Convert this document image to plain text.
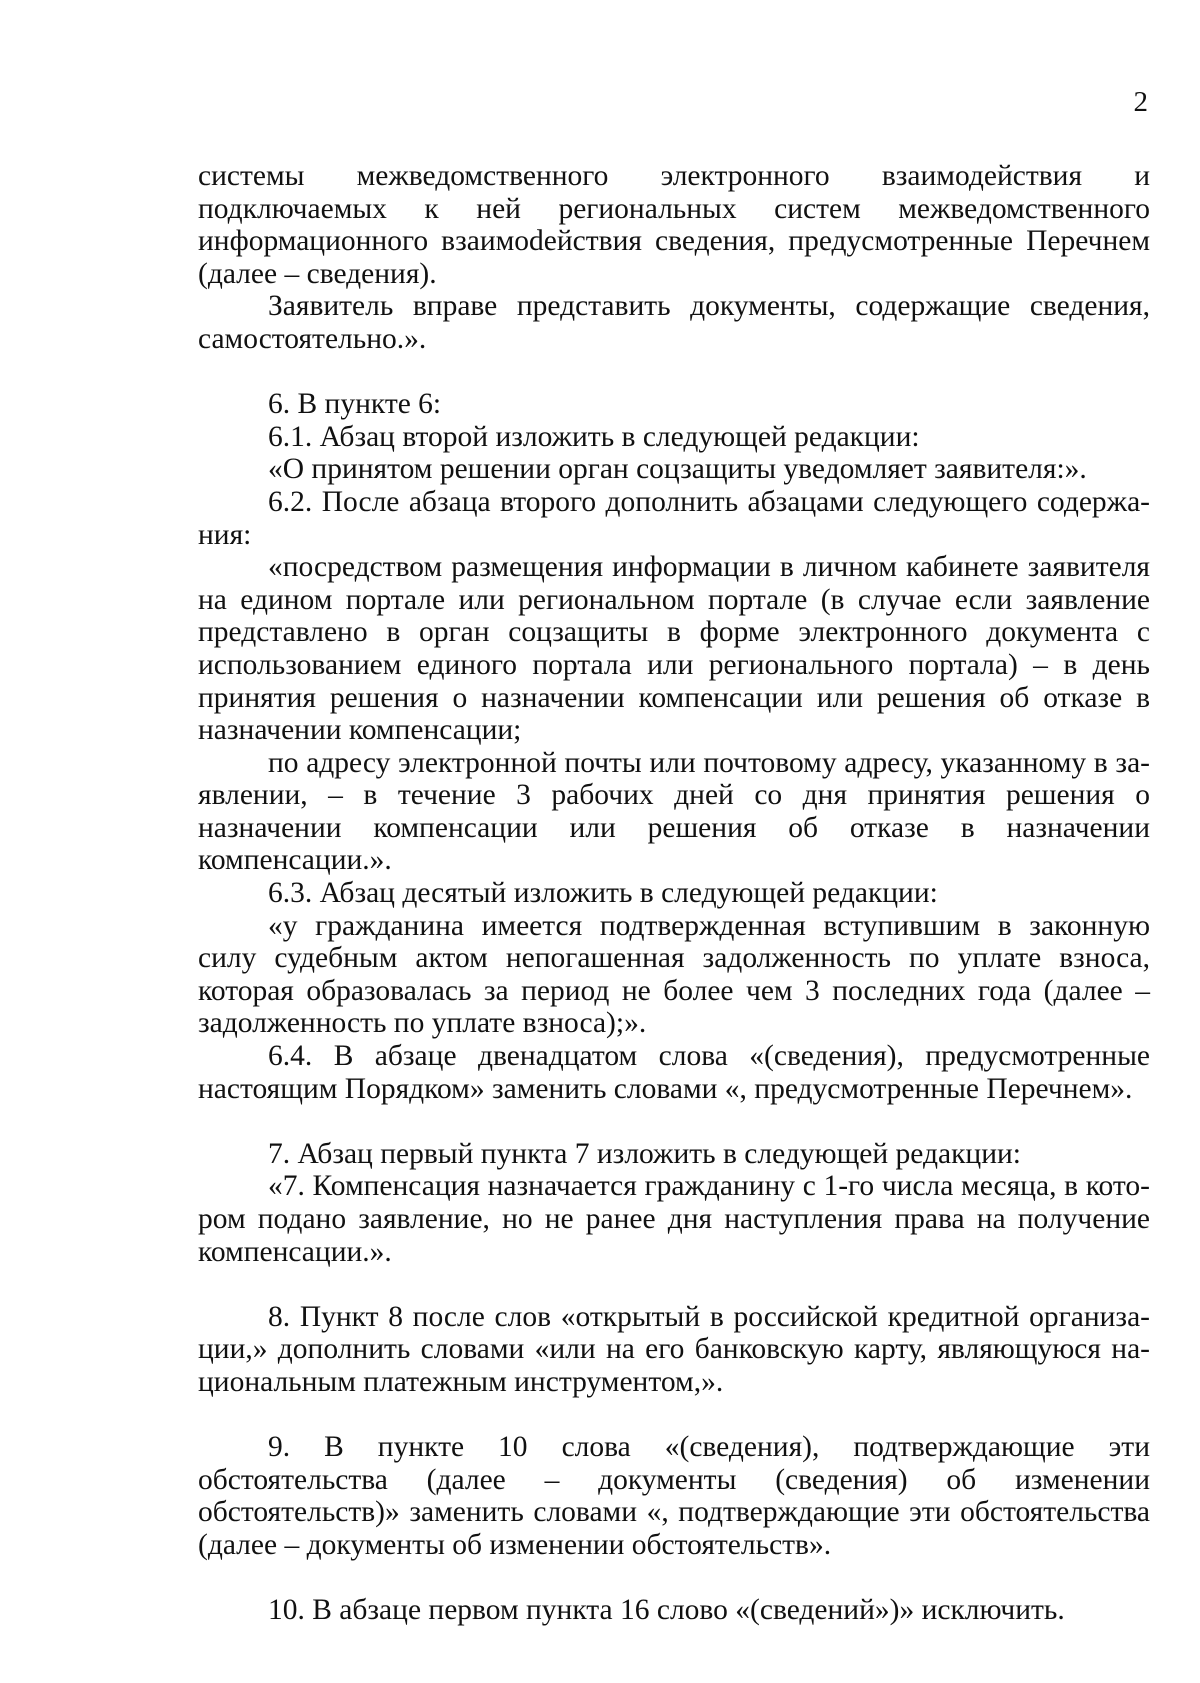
2

системы межведомственного электронного взаимодействия и подключаемых к ней региональных систем межведомственного информационного взаимоdействия сведения, предусмотренные Перечнем (далее – сведения).

Заявитель вправе представить документы, содержащие сведения, самостоятельно.».

6. В пункте 6:

6.1. Абзац второй изложить в следующей редакции:

«О принятом решении орган соцзащиты уведомляет заявителя:».

6.2. После абзаца второго дополнить абзацами следующего содержания:

«посредством размещения информации в личном кабинете заявителя на едином портале или региональном портале (в случае если заявление представлено в орган соцзащиты в форме электронного документа с использованием единого портала или регионального портала) – в день принятия решения о назначении компенсации или решения об отказе в назначении компенсации;

по адресу электронной почты или почтовому адресу, указанному в заявлении, – в течение 3 рабочих дней со дня принятия решения о назначении компенсации или решения об отказе в назначении компенсации.».

6.3. Абзац десятый изложить в следующей редакции:

«у гражданина имеется подтвержденная вступившим в законную силу судебным актом непогашенная задолженность по уплате взноса, которая образовалась за период не более чем 3 последних года (далее – задолженность по уплате взноса);».

6.4. В абзаце двенадцатом слова «(сведения), предусмотренные настоящим Порядком» заменить словами «, предусмотренные Перечнем».

7. Абзац первый пункта 7 изложить в следующей редакции:

«7. Компенсация назначается гражданину с 1-го числа месяца, в котором подано заявление, но не ранее дня наступления права на получение компенсации.».

8. Пункт 8 после слов «открытый в российской кредитной организации,» дополнить словами «или на его банковскую карту, являющуюся национальным платежным инструментом,».

9. В пункте 10 слова «(сведения), подтверждающие эти обстоятельства (далее – документы (сведения) об изменении обстоятельств)» заменить словами «, подтверждающие эти обстоятельства (далее – документы об изменении обстоятельств».

10. В абзаце первом пункта 16 слово «(сведений»)» исключить.
